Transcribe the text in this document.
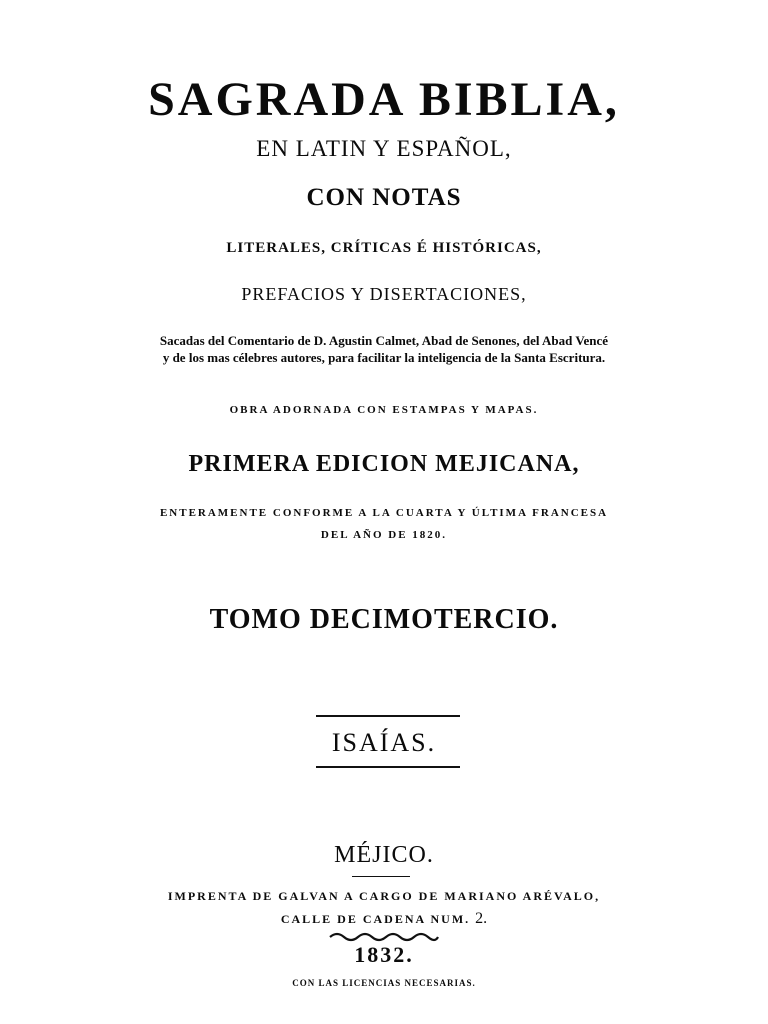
SAGRADA BIBLIA,
EN LATIN Y ESPAÑOL,
CON NOTAS
LITERALES, CRÍTICAS É HISTÓRICAS,
PREFACIOS Y DISERTACIONES,
Sacadas del Comentario de D. Agustin Calmet, Abad de Senones, del Abad Vencé
y de los mas célebres autores, para facilitar la inteligencia de la Santa Escritura.
OBRA ADORNADA CON ESTAMPAS Y MAPAS.
PRIMERA EDICION MEJICANA,
ENTERAMENTE CONFORME A LA CUARTA Y ÚLTIMA FRANCESA
DEL AÑO DE 1820.
TOMO DECIMOTERCIO.
ISAÍAS.
MÉJICO.
IMPRENTA DE GALVAN A CARGO DE MARIANO ARÉVALO,
CALLE DE CADENA NUM. 2.
1832.
CON LAS LICENCIAS NECESARIAS.
